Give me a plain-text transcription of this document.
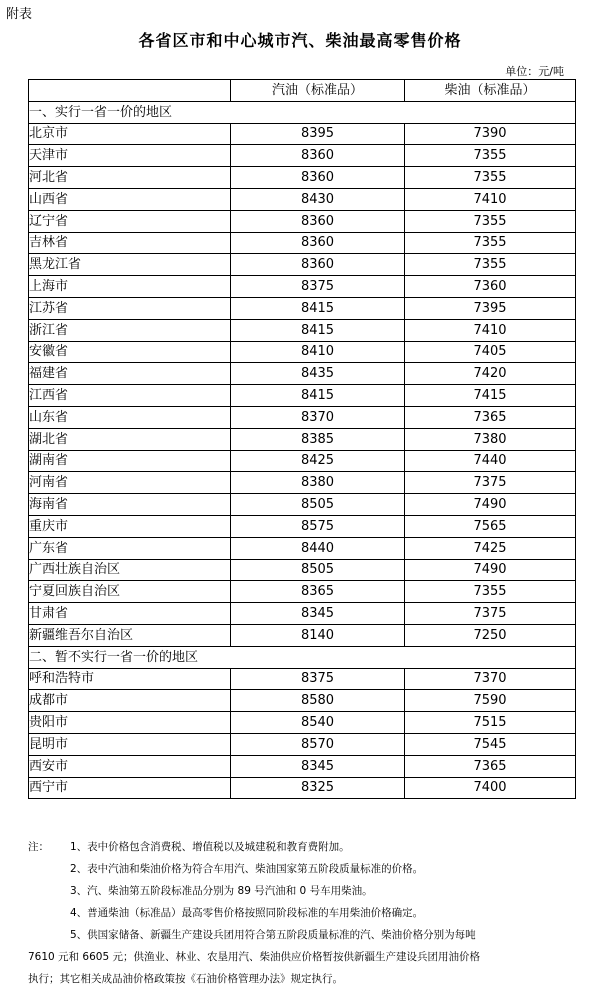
附表
各省区市和中心城市汽、柴油最高零售价格
单位：元/吨
	汽油（标准品）	柴油（标准品）
一、实行一省一价的地区		
北京市	8395	7390
天津市	8360	7355
河北省	8360	7355
山西省	8430	7410
辽宁省	8360	7355
吉林省	8360	7355
黑龙江省	8360	7355
上海市	8375	7360
江苏省	8415	7395
浙江省	8415	7410
安徽省	8410	7405
福建省	8435	7420
江西省	8415	7415
山东省	8370	7365
湖北省	8385	7380
湖南省	8425	7440
河南省	8380	7375
海南省	8505	7490
重庆市	8575	7565
广东省	8440	7425
广西壮族自治区	8505	7490
宁夏回族自治区	8365	7355
甘肃省	8345	7375
新疆维吾尔自治区	8140	7250
二、暂不实行一省一价的地区		
呼和浩特市	8375	7370
成都市	8580	7590
贵阳市	8540	7515
昆明市	8570	7545
西安市	8345	7365
西宁市	8325	7400
注： 1、表中价格包含消费税、增值税以及城建税和教育费附加。
2、表中汽油和柴油价格为符合车用汽、柴油国家第五阶段质量标准的价格。
3、汽、柴油第五阶段标准品分别为 89 号汽油和 0 号车用柴油。
4、普通柴油（标准品）最高零售价格按照同阶段标准的车用柴油价格确定。
5、供国家储备、新疆生产建设兵团用符合第五阶段质量标准的汽、柴油价格分别为每吨
7610 元和 6605 元；供渔业、林业、农垦用汽、柴油供应价格暂按供新疆生产建设兵团用油价格
执行；其它相关成品油价格政策按《石油价格管理办法》规定执行。
